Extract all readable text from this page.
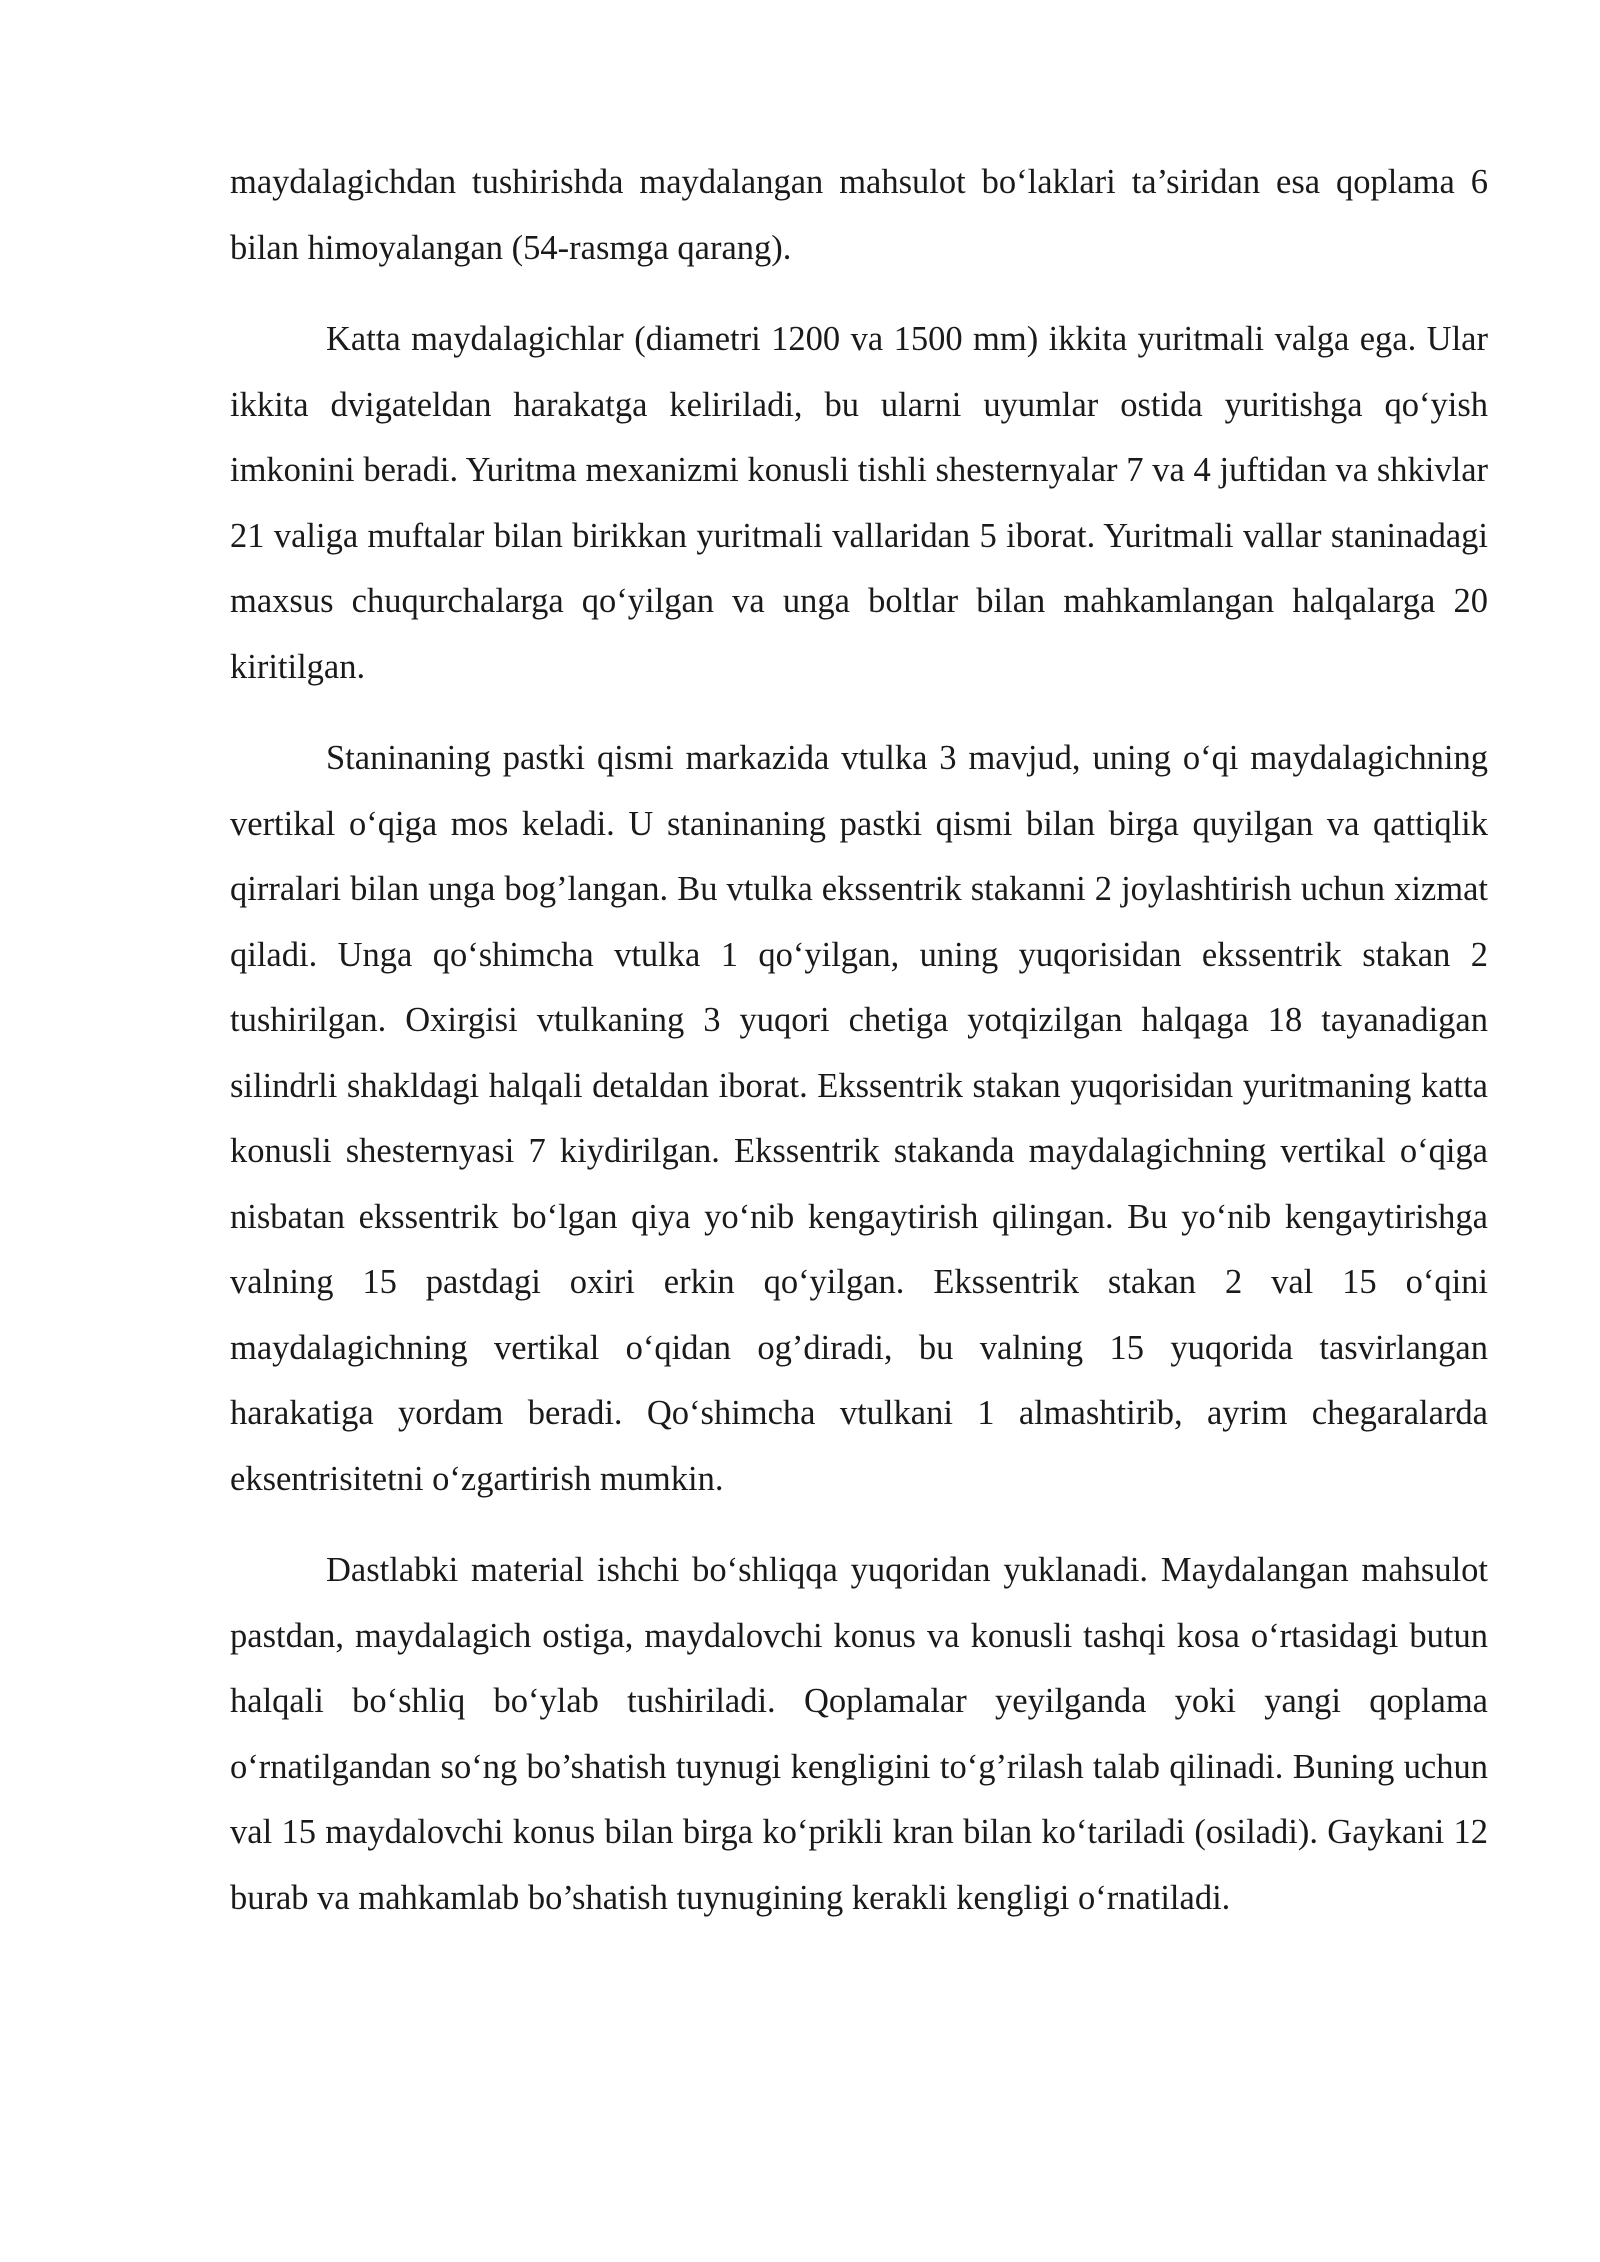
maydalagichdan tushirishda maydalangan mahsulot bo‘laklari ta’siridan esa qoplama 6 bilan himoyalangan (54-rasmga qarang).

Katta maydalagichlar (diametri 1200 va 1500 mm) ikkita yuritmali valga ega. Ular ikkita dvigateldan harakatga keliriladi, bu ularni uyumlar ostida yuritishga qo‘yish imkonini beradi. Yuritma mexanizmi konusli tishli shesternyalar 7 va 4 juftidan va shkivlar 21 valiga muftalar bilan birikkan yuritmali vallaridan 5 iborat. Yuritmali vallar staninadagi maxsus chuqurchalarga qo‘yilgan va unga boltlar bilan mahkamlangan halqalarga 20 kiritilgan.

Staninaning pastki qismi markazida vtulka 3 mavjud, uning o‘qi maydalagichning vertikal o‘qiga mos keladi. U staninaning pastki qismi bilan birga quyilgan va qattiqlik qirralari bilan unga bog’langan. Bu vtulka ekssentrik stakanni 2 joylashtirish uchun xizmat qiladi. Unga qo‘shimcha vtulka 1 qo‘yilgan, uning yuqorisidan ekssentrik stakan 2 tushirilgan. Oxirgisi vtulkaning 3 yuqori chetiga yotqizilgan halqaga 18 tayanadigan silindrli shakldagi halqali detaldan iborat. Ekssentrik stakan yuqorisidan yuritmaning katta konusli shesternyasi 7 kiydirilgan. Ekssentrik stakanda maydalagichning vertikal o‘qiga nisbatan ekssentrik bo‘lgan qiya yo‘nib kengaytirish qilingan. Bu yo‘nib kengaytirishga valning 15 pastdagi oxiri erkin qo‘yilgan. Ekssentrik stakan 2 val 15 o‘qini maydalagichning vertikal o‘qidan og’diradi, bu valning 15 yuqorida tasvirlangan harakatiga yordam beradi. Qo‘shimcha vtulkani 1 almashtirib, ayrim chegaralarda eksentrisitetni o‘zgartirish mumkin.

Dastlabki material ishchi bo‘shliqqa yuqoridan yuklanadi. Maydalangan mahsulot pastdan, maydalagich ostiga, maydalovchi konus va konusli tashqi kosa o‘rtasidagi butun halqali bo‘shliq bo‘ylab tushiriladi. Qoplamalar yeyilganda yoki yangi qoplama o‘rnatilgandan so‘ng bo’shatish tuynugi kengligini to‘g’rilash talab qilinadi. Buning uchun val 15 maydalovchi konus bilan birga ko‘prikli kran bilan ko‘tariladi (osiladi). Gaykani 12 burab va mahkamlab bo’shatish tuynugining kerakli kengligi o‘rnatiladi.
